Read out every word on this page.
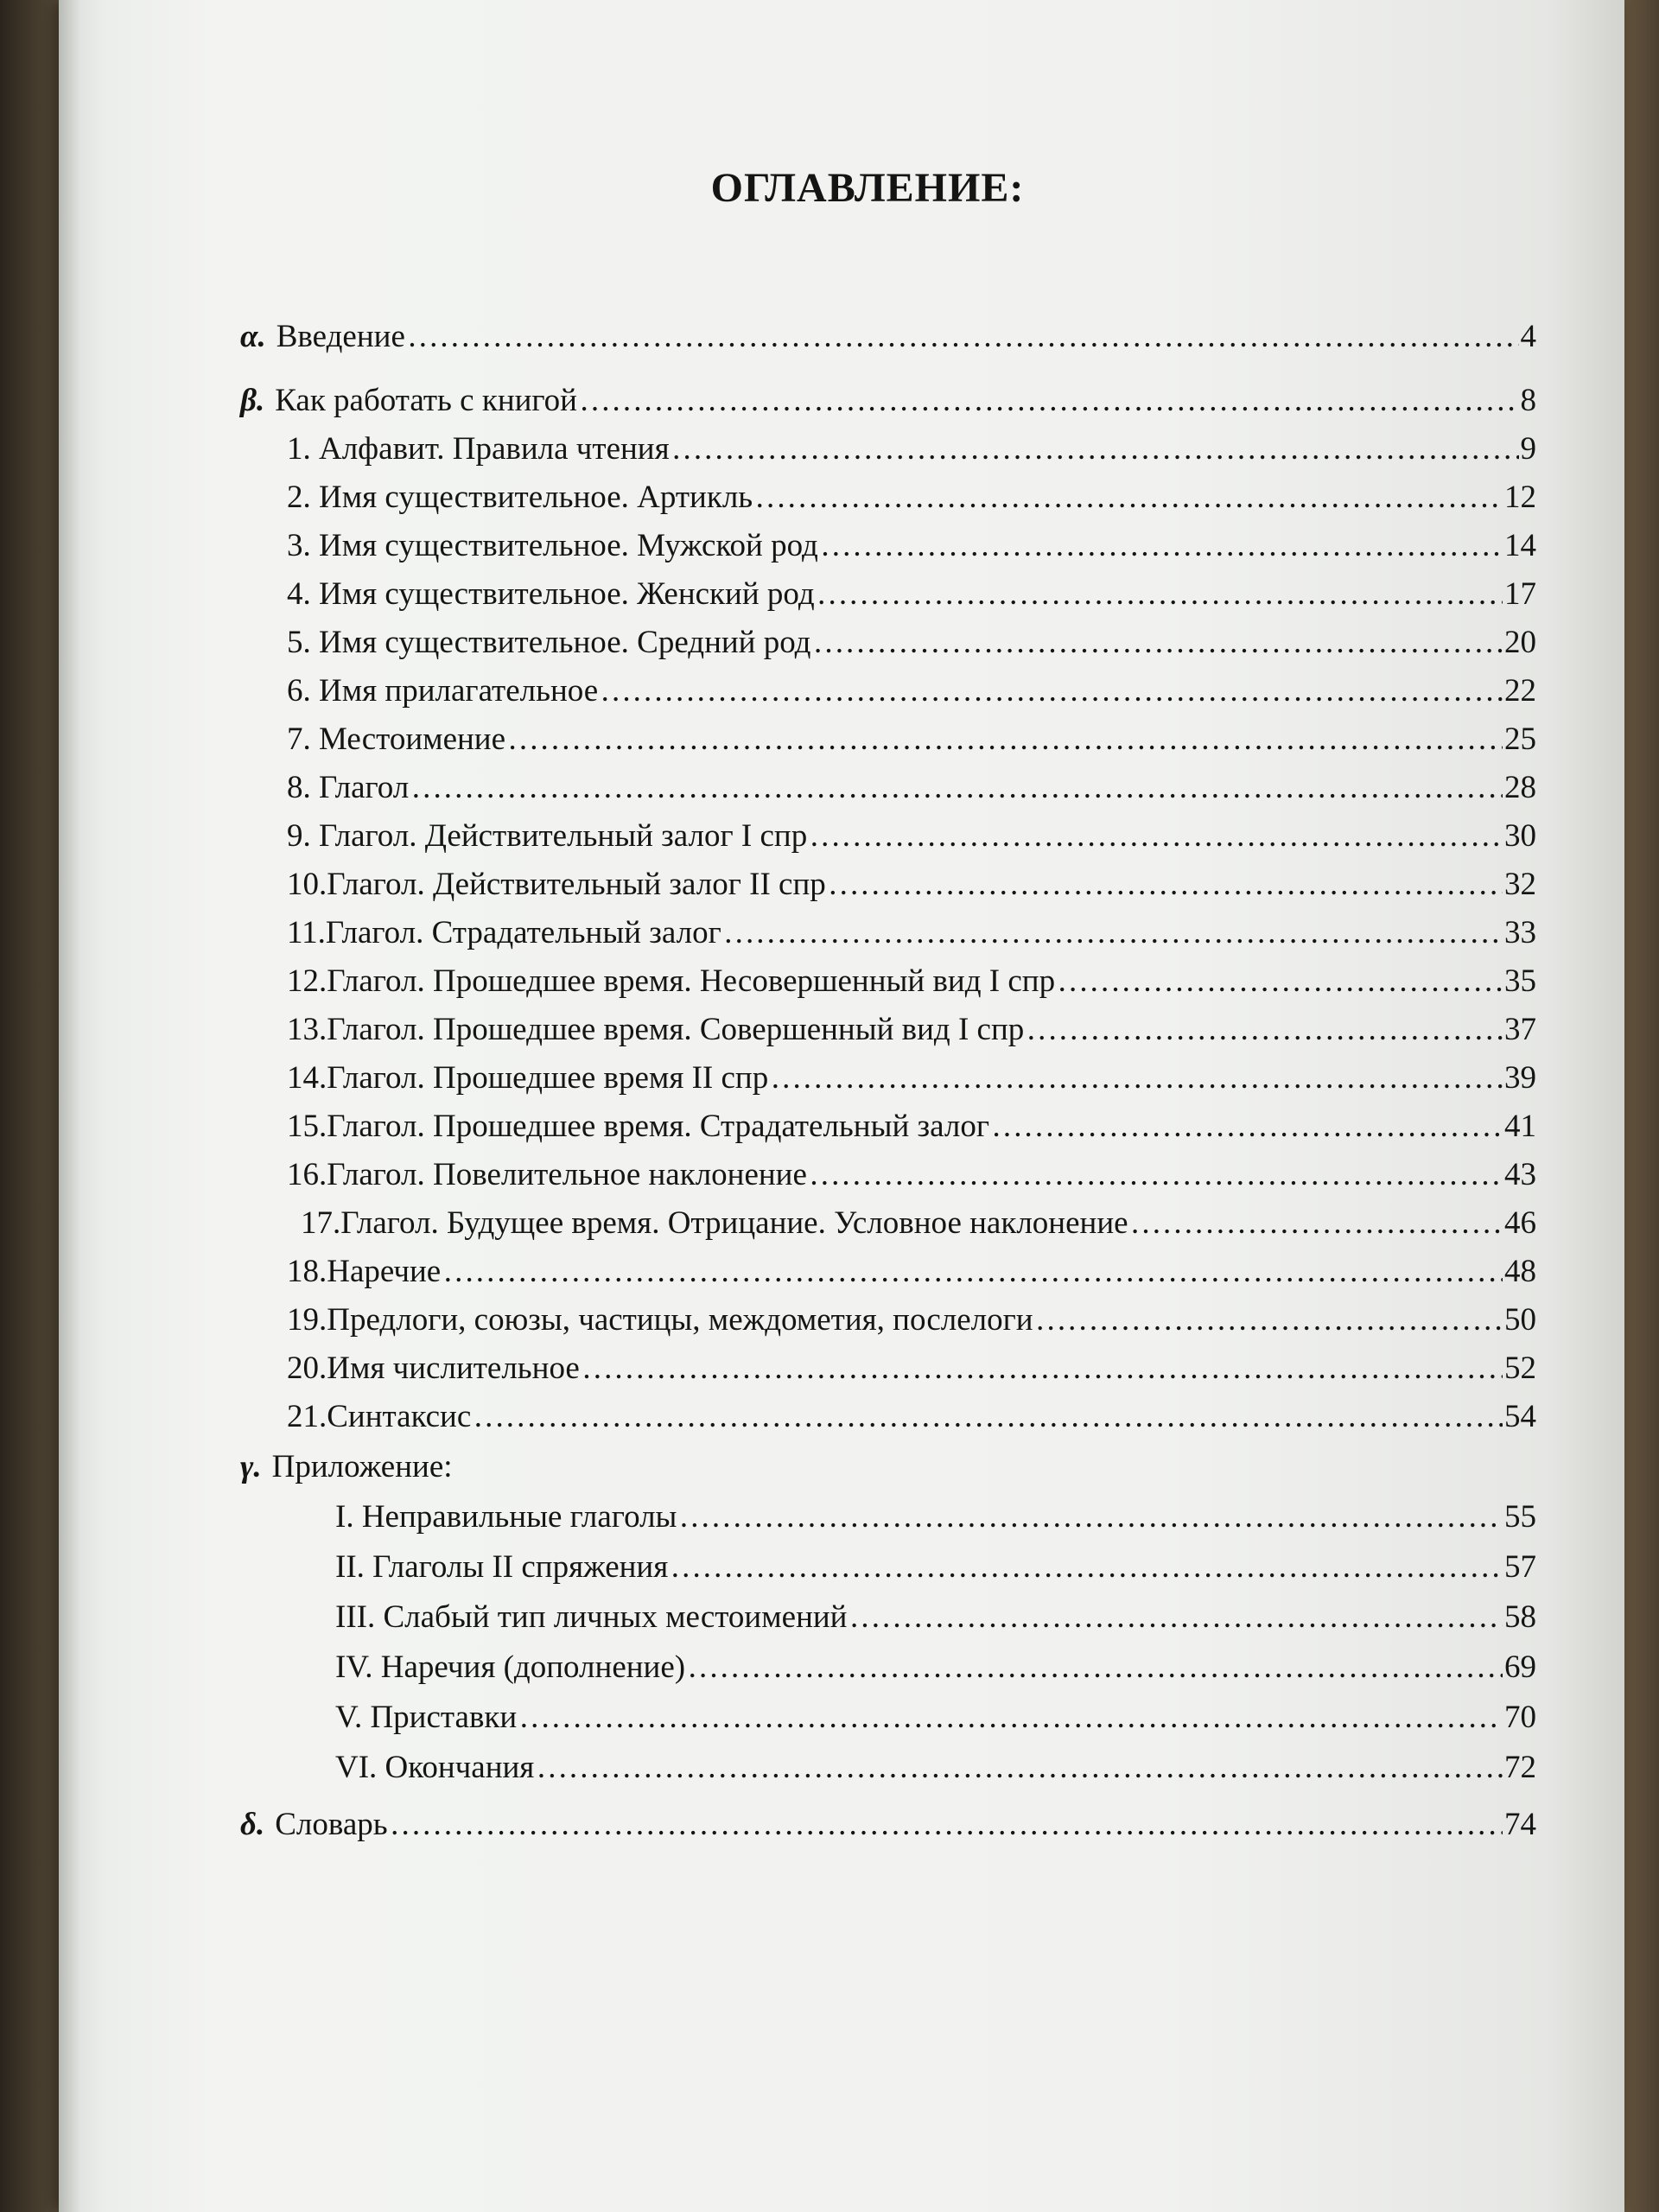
ОГЛАВЛЕНИЕ:
α. Введение ……………………………………………………………………………………………………………………………………………………………………………………………………	4
β. Как работать с книгой ……………………………………………………………………………………………………………………………………………………………………………………………………	8
1. Алфавит. Правила чтения ……………………………………………………………………………………………………………………………………………………………………………………………………	9
2. Имя существительное. Артикль ……………………………………………………………………………………………………………………………………………………………………………………………………	12
3. Имя существительное. Мужской род ……………………………………………………………………………………………………………………………………………………………………………………………………	14
4. Имя существительное. Женский род ……………………………………………………………………………………………………………………………………………………………………………………………………	17
5. Имя существительное. Средний род ……………………………………………………………………………………………………………………………………………………………………………………………………	20
6. Имя прилагательное ……………………………………………………………………………………………………………………………………………………………………………………………………	22
7. Местоимение ……………………………………………………………………………………………………………………………………………………………………………………………………	25
8. Глагол ……………………………………………………………………………………………………………………………………………………………………………………………………	28
9. Глагол. Действительный залог I спр ……………………………………………………………………………………………………………………………………………………………………………………………………	30
10.Глагол. Действительный залог II спр ……………………………………………………………………………………………………………………………………………………………………………………………………	32
11.Глагол. Страдательный залог ……………………………………………………………………………………………………………………………………………………………………………………………………	33
12.Глагол. Прошедшее время. Несовершенный вид I спр ……………………………………………………………………………………………………………………………………………………………………………………………………	35
13.Глагол. Прошедшее время. Совершенный вид I спр ……………………………………………………………………………………………………………………………………………………………………………………………………	37
14.Глагол. Прошедшее время II спр ……………………………………………………………………………………………………………………………………………………………………………………………………	39
15.Глагол. Прошедшее время. Страдательный залог ……………………………………………………………………………………………………………………………………………………………………………………………………	41
16.Глагол. Повелительное наклонение ……………………………………………………………………………………………………………………………………………………………………………………………………	43
17.Глагол. Будущее время. Отрицание. Условное наклонение ……………………………………………………………………………………………………………………………………………………………………………………………………	46
18.Наречие ……………………………………………………………………………………………………………………………………………………………………………………………………	48
19.Предлоги, союзы, частицы, междометия, послелоги ……………………………………………………………………………………………………………………………………………………………………………………………………	50
20.Имя числительное ……………………………………………………………………………………………………………………………………………………………………………………………………	52
21.Синтаксис ……………………………………………………………………………………………………………………………………………………………………………………………………	54
γ. Приложение:
I. Неправильные глаголы ……………………………………………………………………………………………………………………………………………………………………………………………………	55
II. Глаголы II спряжения ……………………………………………………………………………………………………………………………………………………………………………………………………	57
III. Слабый тип личных местоимений ……………………………………………………………………………………………………………………………………………………………………………………………………	58
IV. Наречия (дополнение) ……………………………………………………………………………………………………………………………………………………………………………………………………	69
V. Приставки ……………………………………………………………………………………………………………………………………………………………………………………………………	70
VI. Окончания ……………………………………………………………………………………………………………………………………………………………………………………………………	72
δ. Словарь ……………………………………………………………………………………………………………………………………………………………………………………………………	74
